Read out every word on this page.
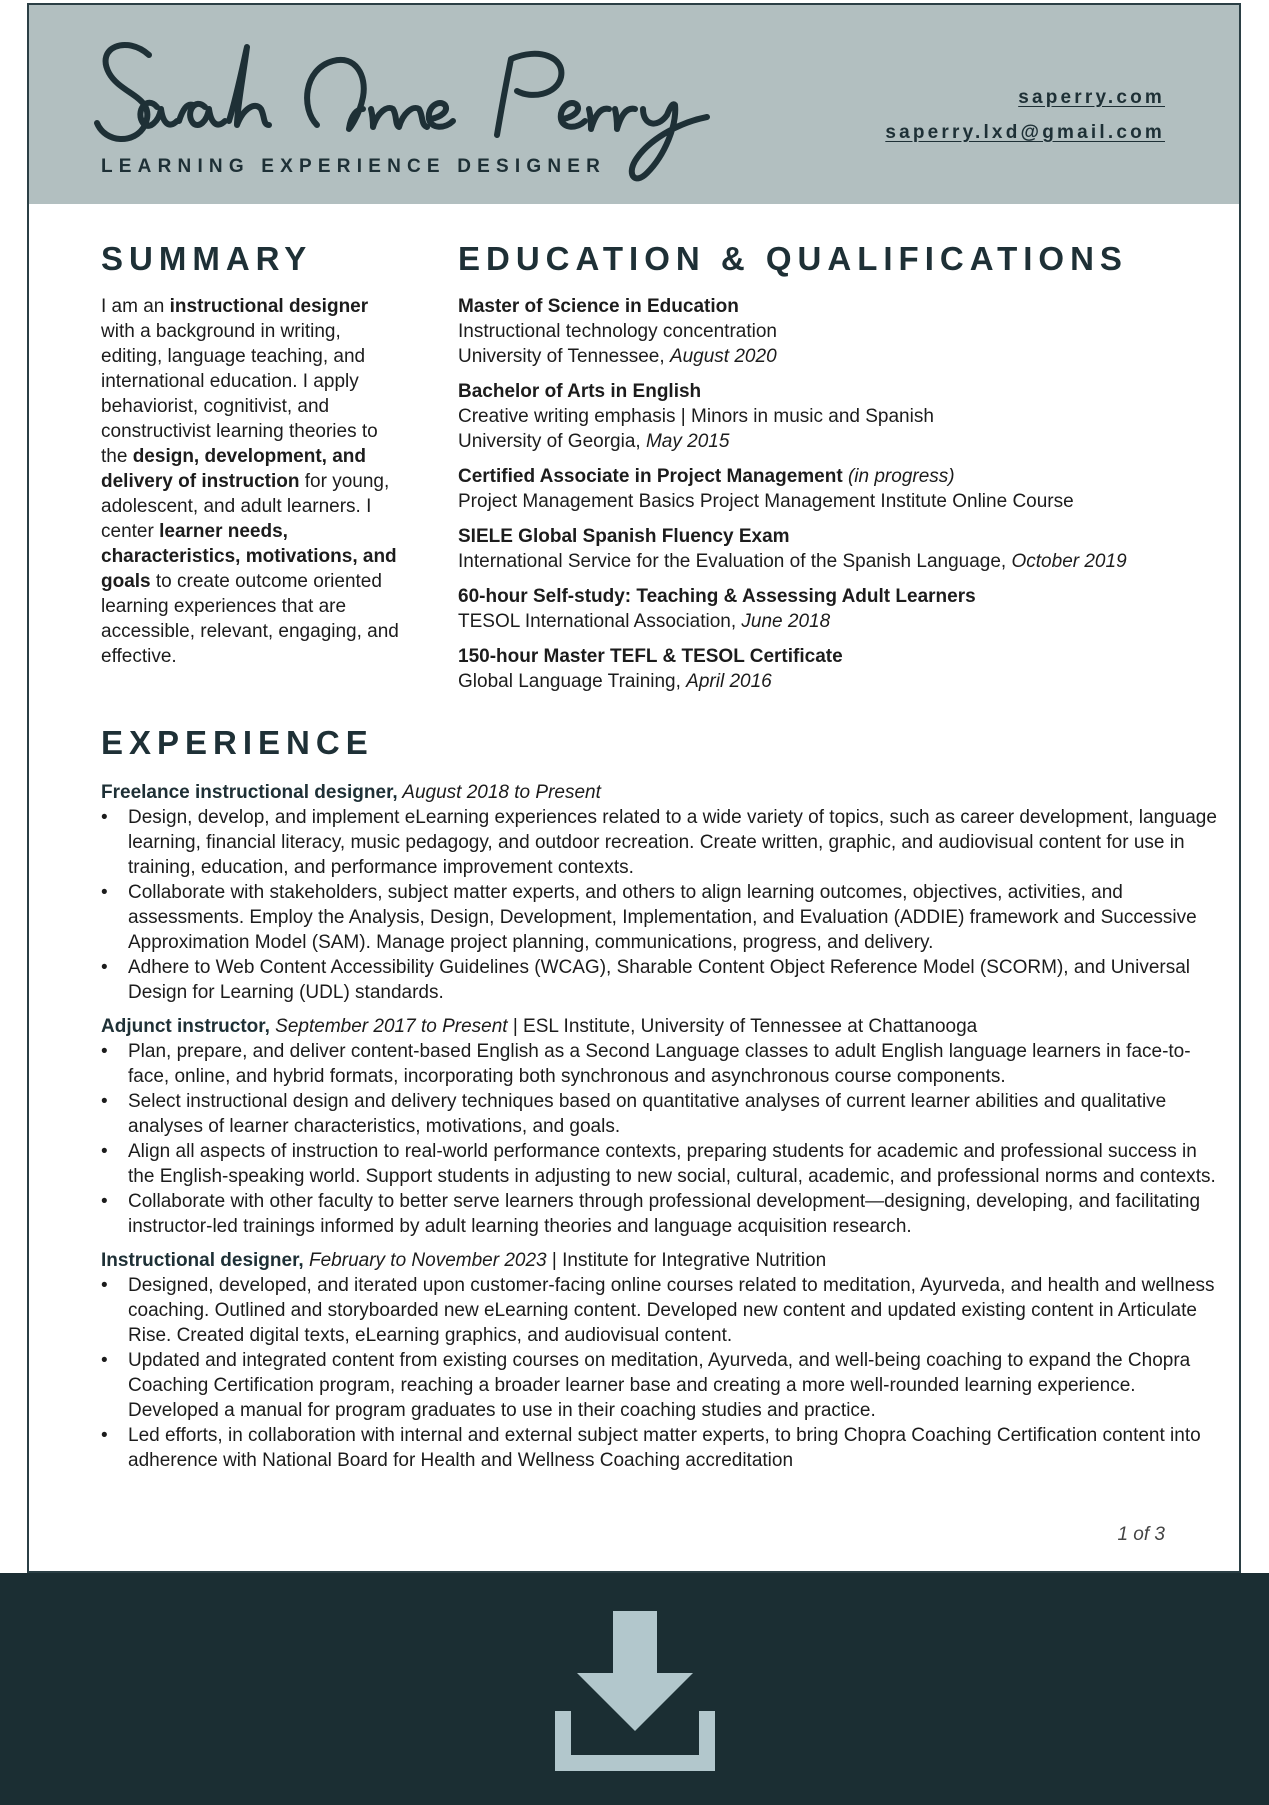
LEARNING EXPERIENCE DESIGNER
saperry.com
saperry.lxd@gmail.com
SUMMARY
I am an instructional designer with a background in writing, editing, language teaching, and international education. I apply behaviorist, cognitivist, and constructivist learning theories to the design, development, and delivery of instruction for young, adolescent, and adult learners. I center learner needs, characteristics, motivations, and goals to create outcome oriented learning experiences that are accessible, relevant, engaging, and effective.
EDUCATION & QUALIFICATIONS
Master of Science in Education
Instructional technology concentration
University of Tennessee, August 2020
Bachelor of Arts in English
Creative writing emphasis | Minors in music and Spanish
University of Georgia, May 2015
Certified Associate in Project Management (in progress)
Project Management Basics Project Management Institute Online Course
SIELE Global Spanish Fluency Exam
International Service for the Evaluation of the Spanish Language, October 2019
60-hour Self-study: Teaching & Assessing Adult Learners
TESOL International Association, June 2018
150-hour Master TEFL & TESOL Certificate
Global Language Training, April 2016
EXPERIENCE
Freelance instructional designer, August 2018 to Present
• Design, develop, and implement eLearning experiences related to a wide variety of topics, such as career development, language learning, financial literacy, music pedagogy, and outdoor recreation. Create written, graphic, and audiovisual content for use in training, education, and performance improvement contexts.
• Collaborate with stakeholders, subject matter experts, and others to align learning outcomes, objectives, activities, and assessments. Employ the Analysis, Design, Development, Implementation, and Evaluation (ADDIE) framework and Successive Approximation Model (SAM). Manage project planning, communications, progress, and delivery.
• Adhere to Web Content Accessibility Guidelines (WCAG), Sharable Content Object Reference Model (SCORM), and Universal Design for Learning (UDL) standards.
Adjunct instructor, September 2017 to Present | ESL Institute, University of Tennessee at Chattanooga
• Plan, prepare, and deliver content-based English as a Second Language classes to adult English language learners in face-to-face, online, and hybrid formats, incorporating both synchronous and asynchronous course components.
• Select instructional design and delivery techniques based on quantitative analyses of current learner abilities and qualitative analyses of learner characteristics, motivations, and goals.
• Align all aspects of instruction to real-world performance contexts, preparing students for academic and professional success in the English-speaking world. Support students in adjusting to new social, cultural, academic, and professional norms and contexts.
• Collaborate with other faculty to better serve learners through professional development—designing, developing, and facilitating instructor-led trainings informed by adult learning theories and language acquisition research.
Instructional designer, February to November 2023 | Institute for Integrative Nutrition
• Designed, developed, and iterated upon customer-facing online courses related to meditation, Ayurveda, and health and wellness coaching. Outlined and storyboarded new eLearning content. Developed new content and updated existing content in Articulate Rise. Created digital texts, eLearning graphics, and audiovisual content.
• Updated and integrated content from existing courses on meditation, Ayurveda, and well-being coaching to expand the Chopra Coaching Certification program, reaching a broader learner base and creating a more well-rounded learning experience. Developed a manual for program graduates to use in their coaching studies and practice.
• Led efforts, in collaboration with internal and external subject matter experts, to bring Chopra Coaching Certification content into adherence with National Board for Health and Wellness Coaching accreditation
1 of 3
